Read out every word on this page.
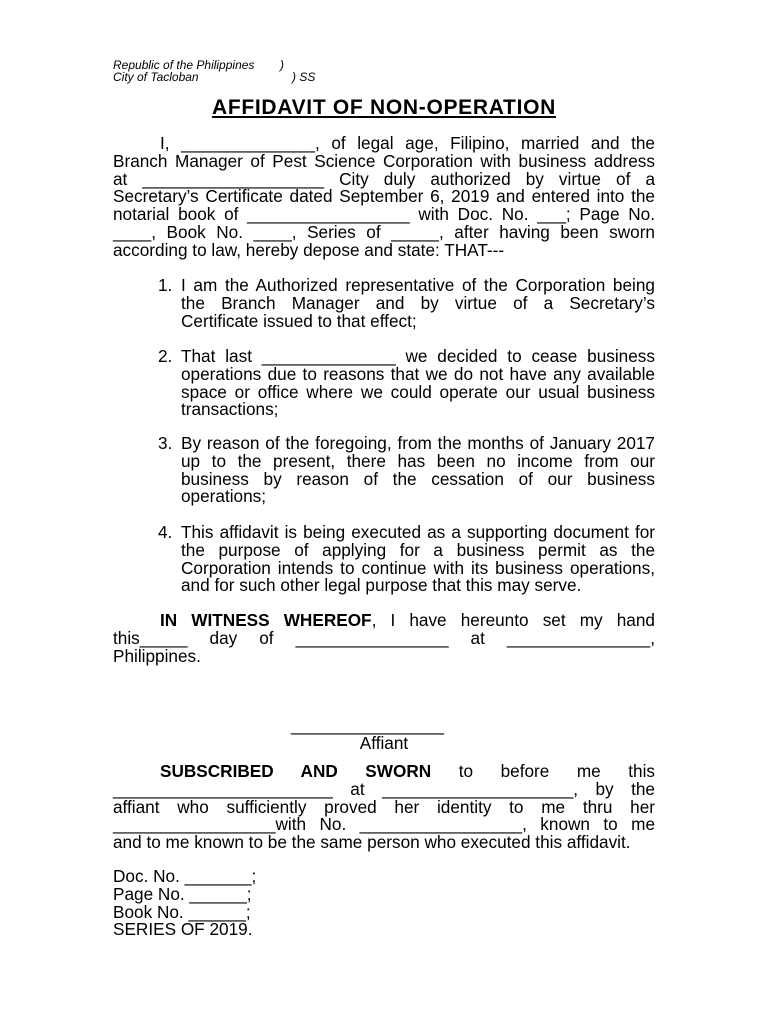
Republic of the Philippines )
City of Tacloban	) SS
AFFIDAVIT OF NON-OPERATION
I, ______________, of legal age, Filipino, married and the
Branch Manager of Pest Science Corporation with business address
at ___________________ City duly authorized by virtue of a
Secretary’s Certificate dated September 6, 2019 and entered into the
notarial book of _________________ with Doc. No. ___; Page No.
____, Book No. ____, Series of _____, after having been sworn
according to law, hereby depose and state: THAT---
1. I am the Authorized representative of the Corporation being
the Branch Manager and by virtue of a Secretary’s
Certificate issued to that effect;
2. That last ______________ we decided to cease business
operations due to reasons that we do not have any available
space or office where we could operate our usual business
transactions;
3. By reason of the foregoing, from the months of January 2017
up to the present, there has been no income from our
business by reason of the cessation of our business
operations;
4. This affidavit is being executed as a supporting document for
the purpose of applying for a business permit as the
Corporation intends to continue with its business operations,
and for such other legal purpose that this may serve.
IN WITNESS WHEREOF, I have hereunto set my hand
this_____ day of ________________ at _______________,
Philippines.
________________
Affiant
SUBSCRIBED AND SWORN to before me this
_______________________ at ____________________, by the
affiant who sufficiently proved her identity to me thru her
_________________with No. _________________, known to me
and to me known to be the same person who executed this affidavit.
Doc. No. _______;
Page No. ______;
Book No. ______;
SERIES OF 2019.
